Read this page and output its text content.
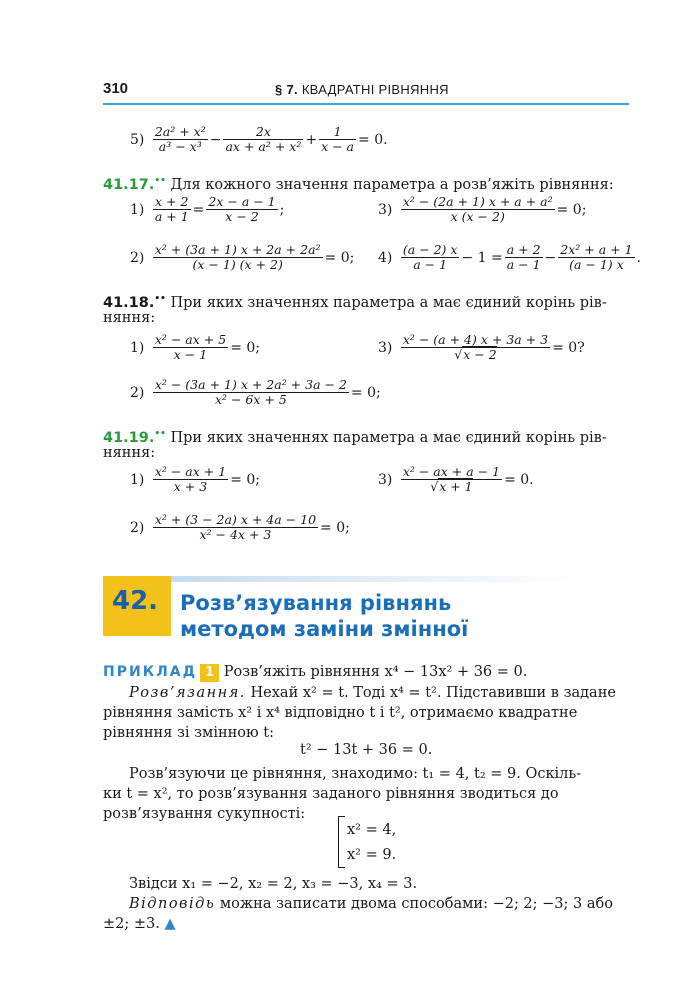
310	§ 7. КВАДРАТНІ РІВНЯННЯ
5)
$\frac{\text{2a² + x²}}{\text{a³ − x³}} - \frac{2x}{\text{ax + a² + x²}} + \frac{1}{x - a} = 0$.
41.17.•• Для кожного значення параметра a розв’яжіть рівняння:
1)
$\frac{x + 2}{a + 1} = \frac{2x - a - 1}{x - 2}$ ;	3)
$\frac{\text{x² − (2a + 1) x + a + a²}}{x (x - 2)} = 0$;
2)
$\frac{\text{x² + (3a + 1) x + 2a + 2a²}}{(x - 1) (x + 2)} = 0$; 4)
$\frac{(a - 2) x}{a - 1} - 1 = \frac{a + 2}{a - 1} - \frac{\text{2x² + a + 1}}{(a - 1) x}$ .
41.18.•• При яких значеннях параметра a має єдиний корінь рів-
няння:
1)
$\frac{\text{x² − ax + 5}}{x - 1} = 0$;	3)
$\frac{\text{x² − (a + 4) x + 3a + 3}}{√x - 2} = 0$?
2)
$\frac{\text{x² − (3a + 1) x + 2a² + 3a − 2}}{\text{x² − 6x + 5}} = 0$;
41.19.•• При яких значеннях параметра a має єдиний корінь рів-
няння:
1)
$\frac{\text{x² − ax + 1}}{x + 3} = 0$;	3)
$\frac{\text{x² − ax + a − 1}}{√x + 1} = 0$.
2)
$\frac{\text{x² + (3 − 2a) x + 4a − 10}}{\text{x² − 4x + 3}} = 0$;
42. Розв’язування рівнянь
методом заміни змінної
ПРИКЛАД 1 Розв’яжіть рівняння x⁴ − 13x² + 36 = 0.
Розв’язання. Нехай x² = t. Тоді x⁴ = t². Підставивши в задане
рівняння замість x² і x⁴ відповідно t і t², отримаємо квадратне
рівняння зі змінною t:
t² − 13t + 36 = 0.
Розв’язуючи це рівняння, знаходимо: t₁ = 4, t₂ = 9. Оскіль-
ки t = x², то розв’язування заданого рівняння зводиться до
розв’язування сукупності:
x² = 4,
x² = 9.
Звідси x₁ = −2, x₂ = 2, x₃ = −3, x₄ = 3.
Відповідь можна записати двома способами: −2; 2; −3; 3 або
±2; ±3. ▲
